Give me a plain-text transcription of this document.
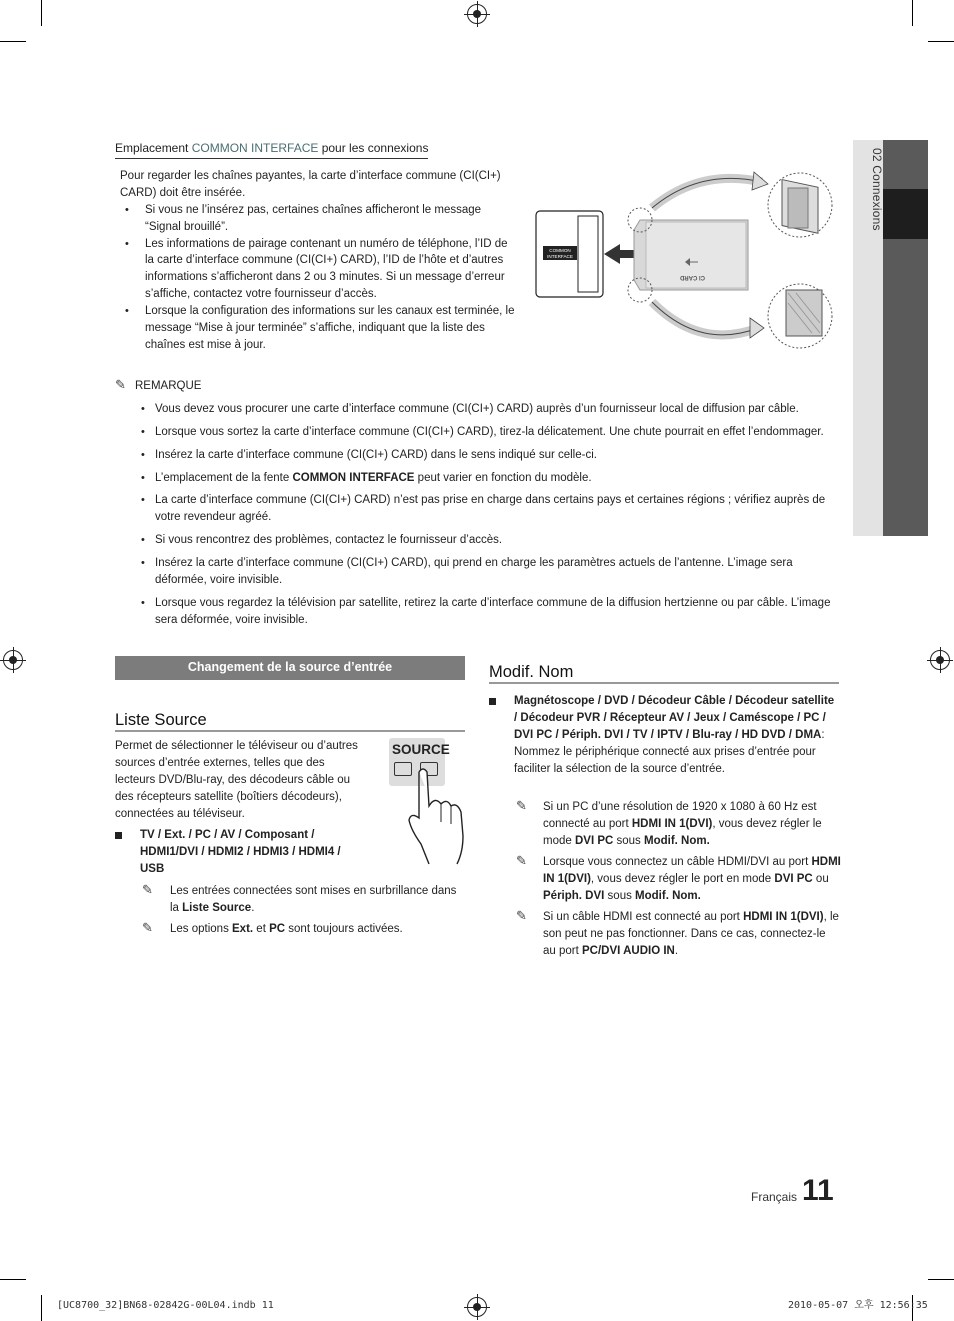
02 Connexions
Emplacement COMMON INTERFACE pour les connexions

Pour regarder les chaînes payantes, la carte d’interface commune (CI(CI+) CARD) doit être insérée.

• Si vous ne l’insérez pas, certaines chaînes afficheront le message “Signal brouillé”.
• Les informations de pairage contenant un numéro de téléphone, l’ID de la carte d’interface commune (CI(CI+) CARD), l’ID de l’hôte et d’autres informations s’afficheront dans 2 ou 3 minutes. Si un message d’erreur s’affiche, contactez votre fournisseur d’accès.
• Lorsque la configuration des informations sur les canaux est terminée, le message “Mise à jour terminée” s’affiche, indiquant que la liste des chaînes est mise à jour.
COMMON
INTERFACE
CI CARD
✎ REMARQUE
• Vous devez vous procurer une carte d’interface commune (CI(CI+) CARD) auprès d’un fournisseur local de diffusion par câble.
• Lorsque vous sortez la carte d’interface commune (CI(CI+) CARD), tirez-la délicatement. Une chute pourrait en effet l’endommager.
• Insérez la carte d’interface commune (CI(CI+) CARD) dans le sens indiqué sur celle-ci.
• L’emplacement de la fente COMMON INTERFACE peut varier en fonction du modèle.
• La carte d’interface commune (CI(CI+) CARD) n’est pas prise en charge dans certains pays et certaines régions ; vérifiez auprès de votre revendeur agréé.
• Si vous rencontrez des problèmes, contactez le fournisseur d’accès.
• Insérez la carte d’interface commune (CI(CI+) CARD), qui prend en charge les paramètres actuels de l’antenne. L’image sera déformée, voire invisible.
• Lorsque vous regardez la télévision par satellite, retirez la carte d’interface commune de la diffusion hertzienne ou par câble. L’image sera déformée, voire invisible.
Changement de la source d’entrée
Liste Source
Permet de sélectionner le téléviseur ou d’autres sources d’entrée externes, telles que des lecteurs DVD/Blu-ray, des décodeurs câble ou des récepteurs satellite (boîtiers décodeurs), connectées au téléviseur.
SOURCE
TV / Ext. / PC / AV / Composant / HDMI1/DVI / HDMI2 / HDMI3 / HDMI4 / USB
✎	Les entrées connectées sont mises en surbrillance dans la Liste Source.
✎	Les options Ext. et PC sont toujours activées.
Modif. Nom
Magnétoscope / DVD / Décodeur Câble / Décodeur satellite / Décodeur PVR / Récepteur AV / Jeux / Caméscope / PC / DVI PC / Périph. DVI / TV / IPTV / Blu-ray / HD DVD / DMA: Nommez le périphérique connecté aux prises d’entrée pour faciliter la sélection de la source d’entrée.
✎	Si un PC d’une résolution de 1920 x 1080 à 60 Hz est connecté au port HDMI IN 1(DVI), vous devez régler le mode DVI PC sous Modif. Nom.
✎	Lorsque vous connectez un câble HDMI/DVI au port HDMI IN 1(DVI), vous devez régler le port en mode DVI PC ou Périph. DVI sous Modif. Nom.
✎	Si un câble HDMI est connecté au port HDMI IN 1(DVI), le son peut ne pas fonctionner. Dans ce cas, connectez-le au port PC/DVI AUDIO IN.
Français 11
[UC8700_32]BN68-02842G-00L04.indb 11	2010-05-07 오후 12:56:35
